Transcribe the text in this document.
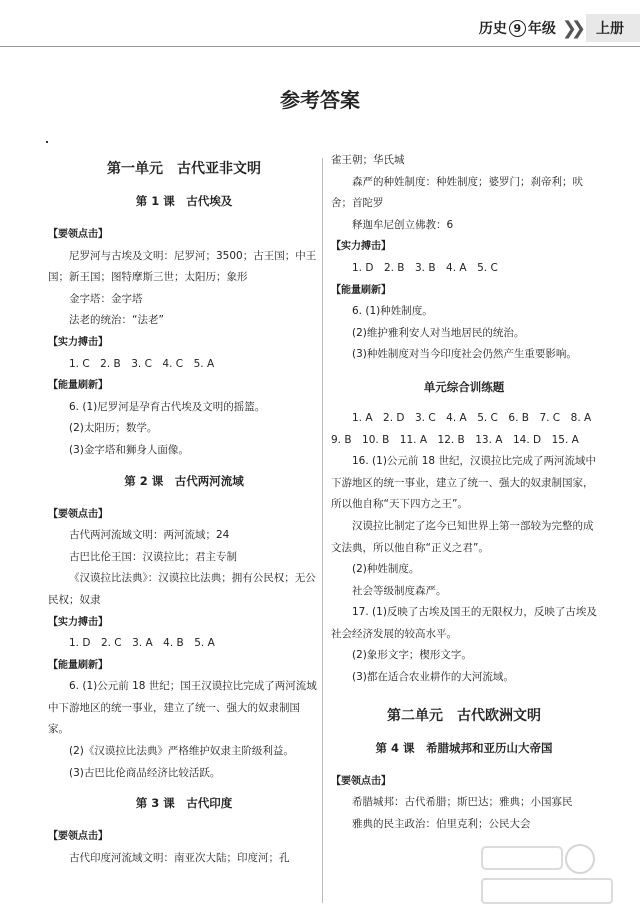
历史 9 年级 ❯❯	上册
参考答案
第一单元　古代亚非文明
第 1 课　古代埃及
【要领点击】
尼罗河与古埃及文明：尼罗河；3500；古王国；中王国；新王国；图特摩斯三世；太阳历；象形
金字塔：金字塔
法老的统治：“法老”
【实力搏击】
1. C　2. B　3. C　4. C　5. A
【能量刷新】
6. (1)尼罗河是孕育古代埃及文明的摇篮。
(2)太阳历；数学。
(3)金字塔和狮身人面像。
第 2 课　古代两河流域
【要领点击】
古代两河流域文明：两河流域；24
古巴比伦王国：汉谟拉比；君主专制
《汉谟拉比法典》：汉谟拉比法典；拥有公民权；无公民权；奴隶
【实力搏击】
1. D　2. C　3. A　4. B　5. A
【能量刷新】
6. (1)公元前 18 世纪；国王汉谟拉比完成了两河流域中下游地区的统一事业，建立了统一、强大的奴隶制国家。
(2)《汉谟拉比法典》严格维护奴隶主阶级利益。
(3)古巴比伦商品经济比较活跃。
第 3 课　古代印度
【要领点击】
古代印度河流域文明：南亚次大陆；印度河；孔
雀王朝；华氏城
森严的种姓制度：种姓制度；婆罗门；刹帝利；吠舍；首陀罗
释迦牟尼创立佛教：6
【实力搏击】
1. D　2. B　3. B　4. A　5. C
【能量刷新】
6. (1)种姓制度。
(2)维护雅利安人对当地居民的统治。
(3)种姓制度对当今印度社会仍然产生重要影响。
单元综合训练题
1. A　2. D　3. C　4. A　5. C　6. B　7. C　8. A
9. B　10. B　11. A　12. B　13. A　14. D　15. A
16. (1)公元前 18 世纪，汉谟拉比完成了两河流域中下游地区的统一事业，建立了统一、强大的奴隶制国家，所以他自称“天下四方之王”。
汉谟拉比制定了迄今已知世界上第一部较为完整的成文法典，所以他自称“正义之君”。
(2)种姓制度。
社会等级制度森严。
17. (1)反映了古埃及国王的无限权力，反映了古埃及社会经济发展的较高水平。
(2)象形文字；楔形文字。
(3)都在适合农业耕作的大河流域。
第二单元　古代欧洲文明
第 4 课　希腊城邦和亚历山大帝国
【要领点击】
希腊城邦：古代希腊；斯巴达；雅典；小国寡民
雅典的民主政治：伯里克利；公民大会
